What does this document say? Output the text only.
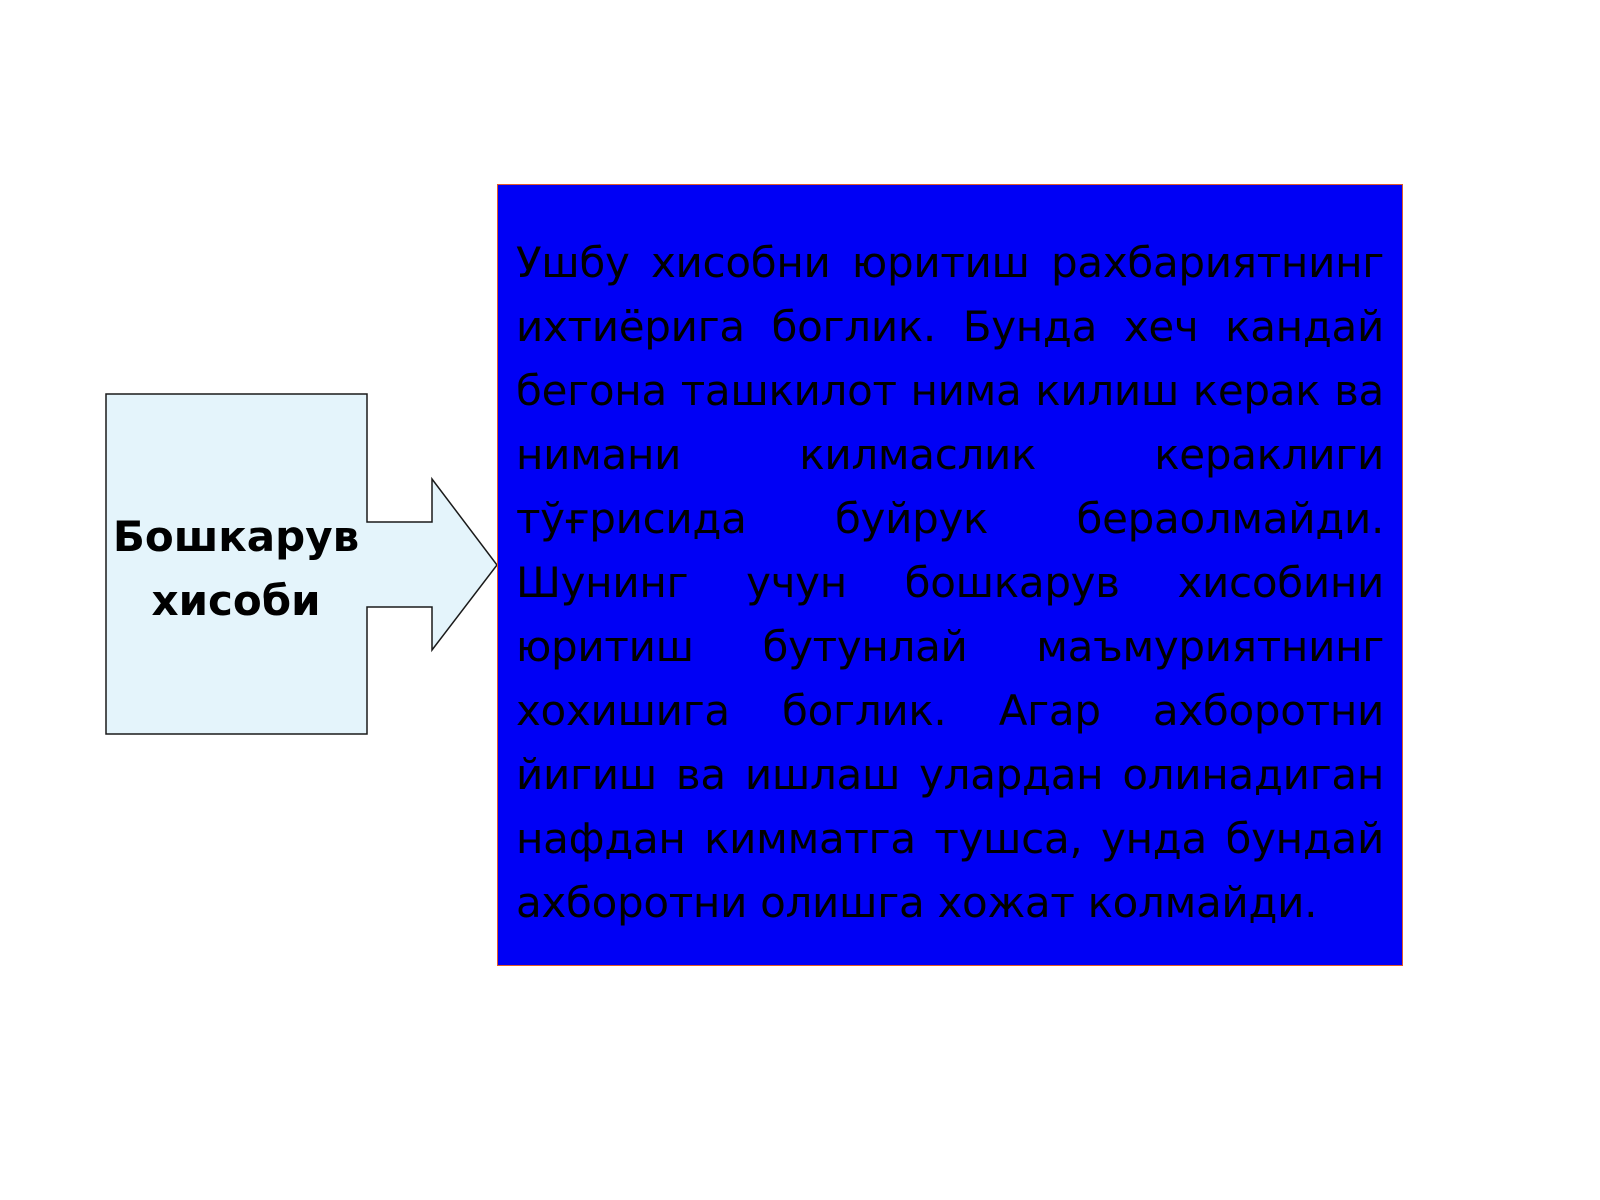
Бошкарув
хисоби

Ушбу хисобни юритиш рахбариятнинг ихтиёрига боглик. Бунда хеч кандай бегона ташкилот нима килиш керак ва нимани килмаслик кераклиги тўғрисида буйрук бераолмайди. Шунинг учун бошкарув хисобини юритиш бутунлай маъмуриятнинг хохишига боглик. Агар ахборотни йигиш ва ишлаш улардан олинадиган нафдан кимматга тушса, унда бундай ахборотни олишга хожат колмайди.
